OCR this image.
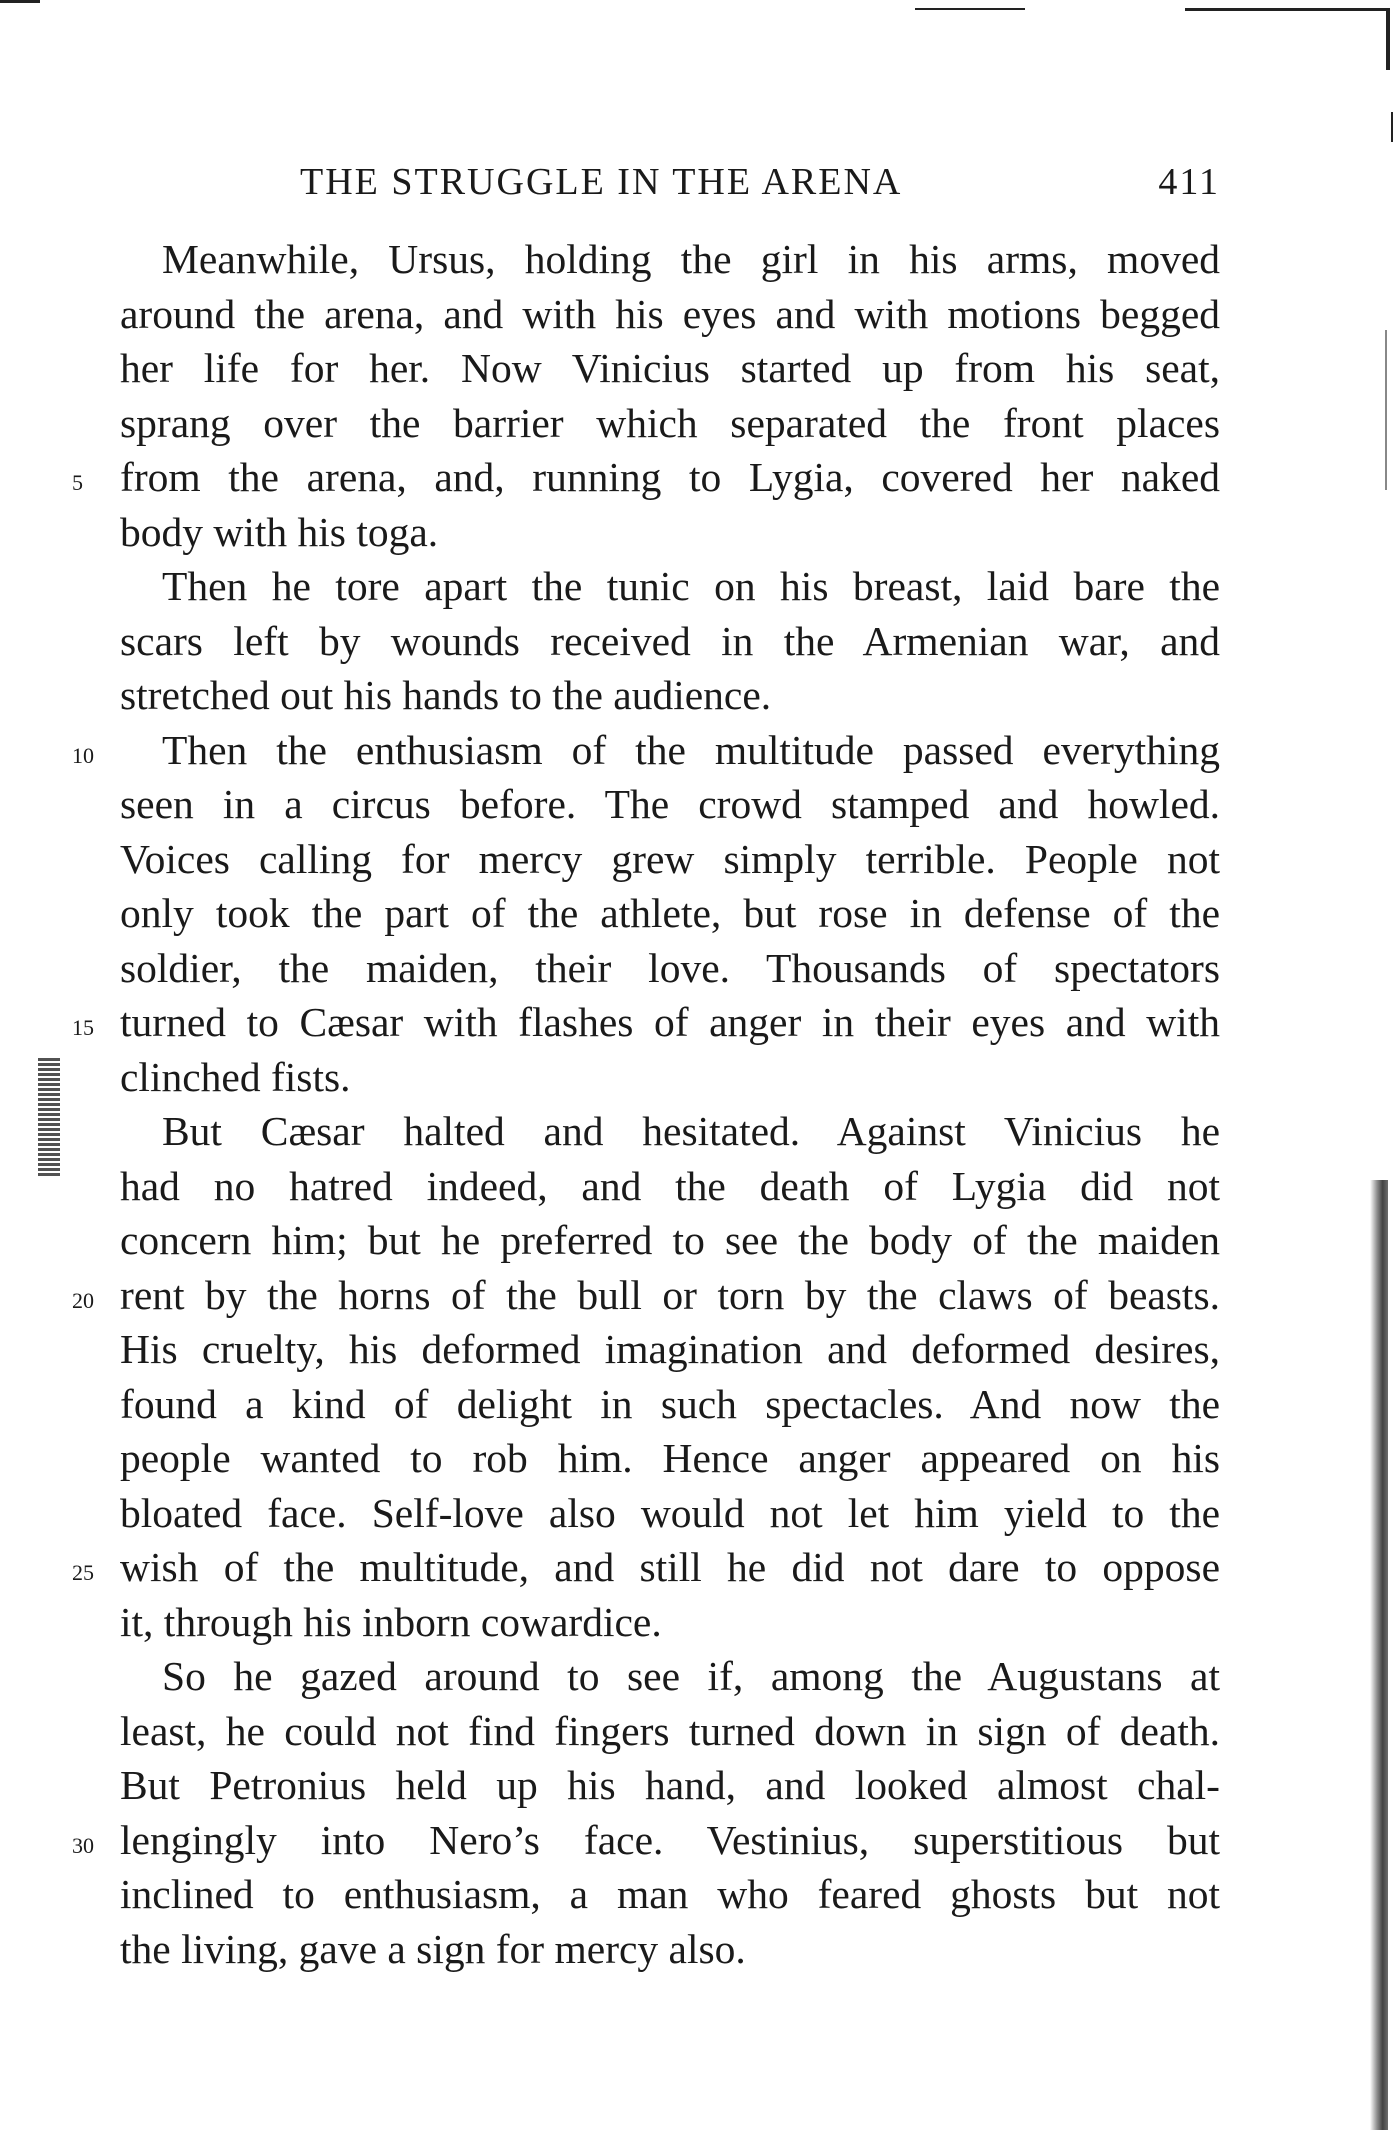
THE STRUGGLE IN THE ARENA	411
Meanwhile, Ursus, holding the girl in his arms, moved
around the arena, and with his eyes and with motions begged
her life for her. Now Vinicius started up from his seat,
sprang over the barrier which separated the front places
5 from the arena, and, running to Lygia, covered her naked
body with his toga.
Then he tore apart the tunic on his breast, laid bare the
scars left by wounds received in the Armenian war, and
stretched out his hands to the audience.
10	Then the enthusiasm of the multitude passed everything
seen in a circus before. The crowd stamped and howled.
Voices calling for mercy grew simply terrible. People not
only took the part of the athlete, but rose in defense of the
soldier, the maiden, their love. Thousands of spectators
15 turned to Cæsar with flashes of anger in their eyes and with
clinched fists.
But Cæsar halted and hesitated. Against Vinicius he
had no hatred indeed, and the death of Lygia did not
concern him; but he preferred to see the body of the maiden
20 rent by the horns of the bull or torn by the claws of beasts.
His cruelty, his deformed imagination and deformed desires,
found a kind of delight in such spectacles. And now the
people wanted to rob him. Hence anger appeared on his
bloated face. Self-love also would not let him yield to the
25 wish of the multitude, and still he did not dare to oppose
it, through his inborn cowardice.
So he gazed around to see if, among the Augustans at
least, he could not find fingers turned down in sign of death.
But Petronius held up his hand, and looked almost chal-
30 lengingly into Nero’s face. Vestinius, superstitious but
inclined to enthusiasm, a man who feared ghosts but not
the living, gave a sign for mercy also.
